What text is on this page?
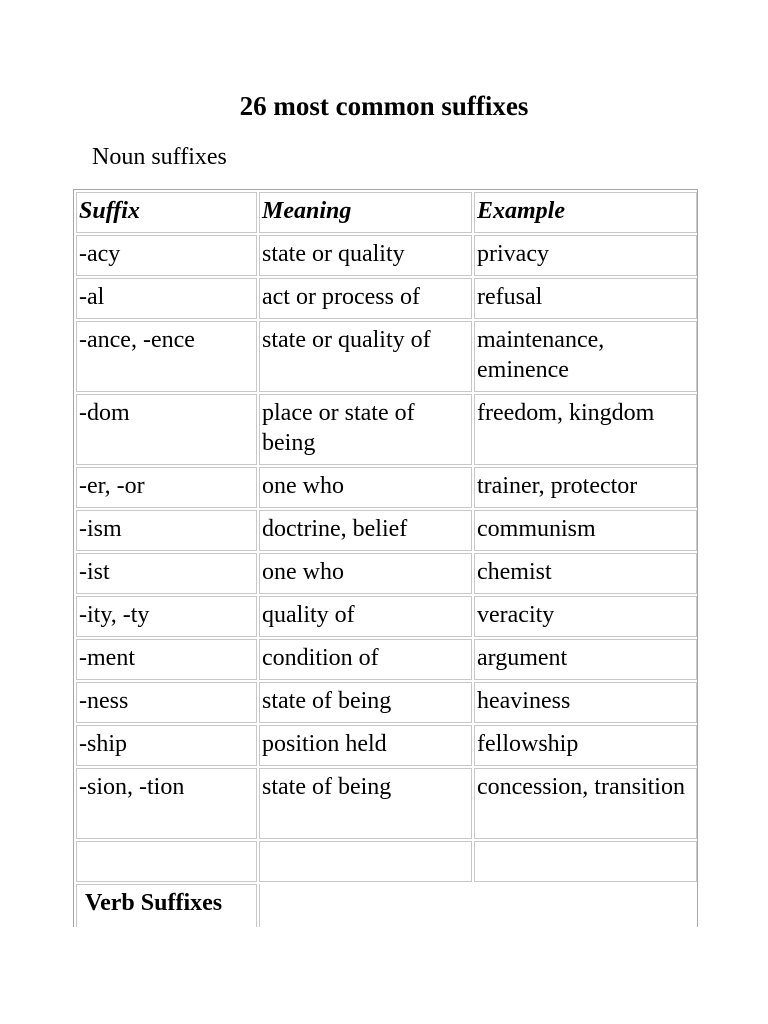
26 most common suffixes
Noun suffixes
Suffix	Meaning	Example
-acy	state or quality	privacy
-al	act or process of	refusal
-ance, -ence	state or quality of	maintenance, eminence
-dom	place or state of being	freedom, kingdom
-er, -or	one who	trainer, protector
-ism	doctrine, belief	communism
-ist	one who	chemist
-ity, -ty	quality of	veracity
-ment	condition of	argument
-ness	state of being	heaviness
-ship	position held	fellowship
-sion, -tion	state of being	concession, transition

Verb Suffixes		
